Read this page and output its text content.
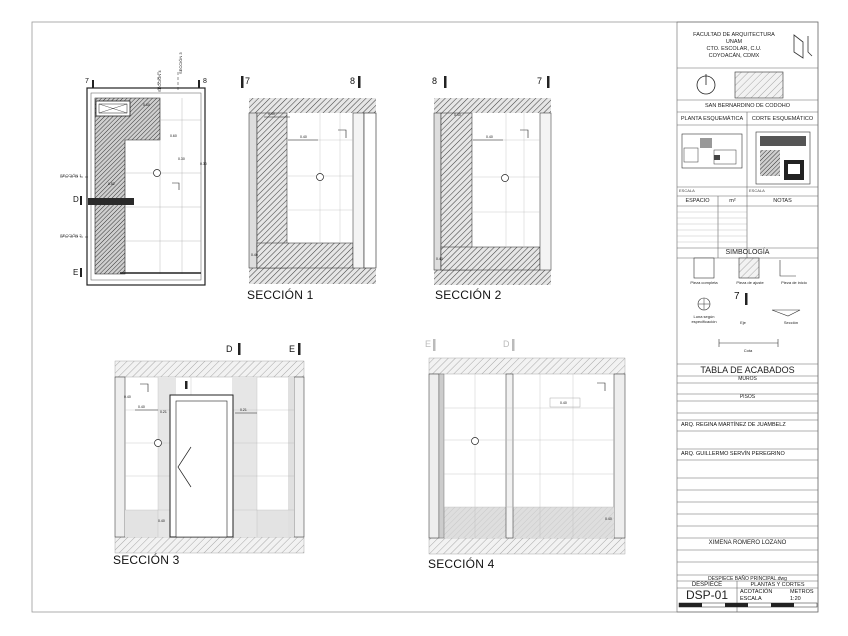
0.60
0.60
0.30
0.52
0.30
0.40
0.40
0.40
0.40
0.40
0.40
0.40
0.40
0.21	0.21
0.40
0.40
0.40
SECCIÓN 1	SECCIÓN 2
SECCIÓN 3	SECCIÓN 4
7	8	8	7
D	E	E	D
7	8
D
E
SECCIÓN 1
SECCIÓN 2
SECCIÓN 3
SECCIÓN 4
FACULTAD DE ARQUITECTURA
UNAM
CTO. ESCOLAR, C.U.
COYOACÁN, CDMX
SAN BERNARDINO DE CODOHO
PLANTA ESQUEMÁTICA	CORTE ESQUEMÁTICO
ESCALA	ESCALA
ESPACIO	m²	NOTAS
SIMBOLOGÍA
Pieza completa	Pieza de ajuste	Pieza de inicio
Luna según especificación
7
Eje	Sección
Cota
TABLA DE ACABADOS
MUROS
PISOS
ARQ. REGINA MARTÍNEZ DE JUAMBELZ
ARQ. GUILLERMO SERVÍN PEREGRINO
XIMENA ROMERO LOZANO
DESPIECE BAÑO PRINCIPAL.dwg
DESPIECE	PLANTAS Y CORTES
DSP-01	ACOTACIÓN	METROS
ESCALA	1:20
